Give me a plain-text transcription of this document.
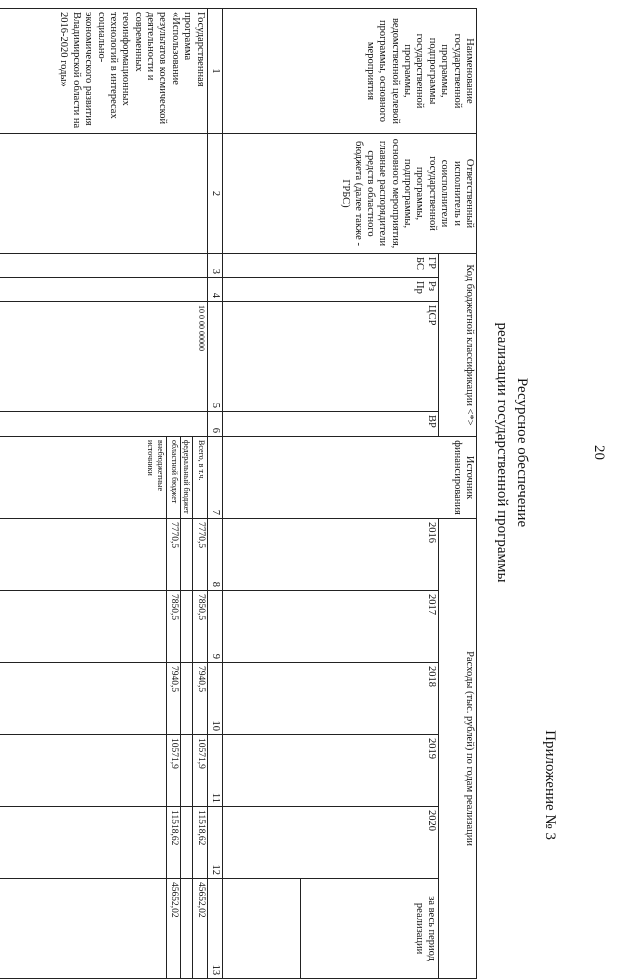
20
Приложение № 3
Ресурсное обеспечение
реализации государственной программы
Наименование государственной программы, подпрограммы государственной программы, ведомственной целевой программы, основного мероприятия	Ответственный исполнитель и соисполнители государственной программы, подпрограммы, основного мероприятия, главные распорядители средств областного бюджета (далее также - ГРБС)	Код бюджетной классификации <*>				Источник финансирования	Расходы (тыс. рублей) по годам реализации					
		ГР БС	Рз Пр	ЦСР	ВР		2016	2017	2018	2019	2020	за весь период реализации

1	2	3	4	5	6	7	8	9	10	11	12	13
Государственная программа «Использование результатов космической деятельности и современных геоинформационных технологий в интересах социально-экономического развития Владимирской области на 2016-2020 годы»				10 0 00 00000		Всего, в т.ч.	7770,5	7850,5	7940,5	10571,9	11518,62	45652,02
						федеральный бюджет						
						областной бюджет	7770,5	7850,5	7940,5	10571,9	11518,62	45652,02
						внебюджетные источники						
